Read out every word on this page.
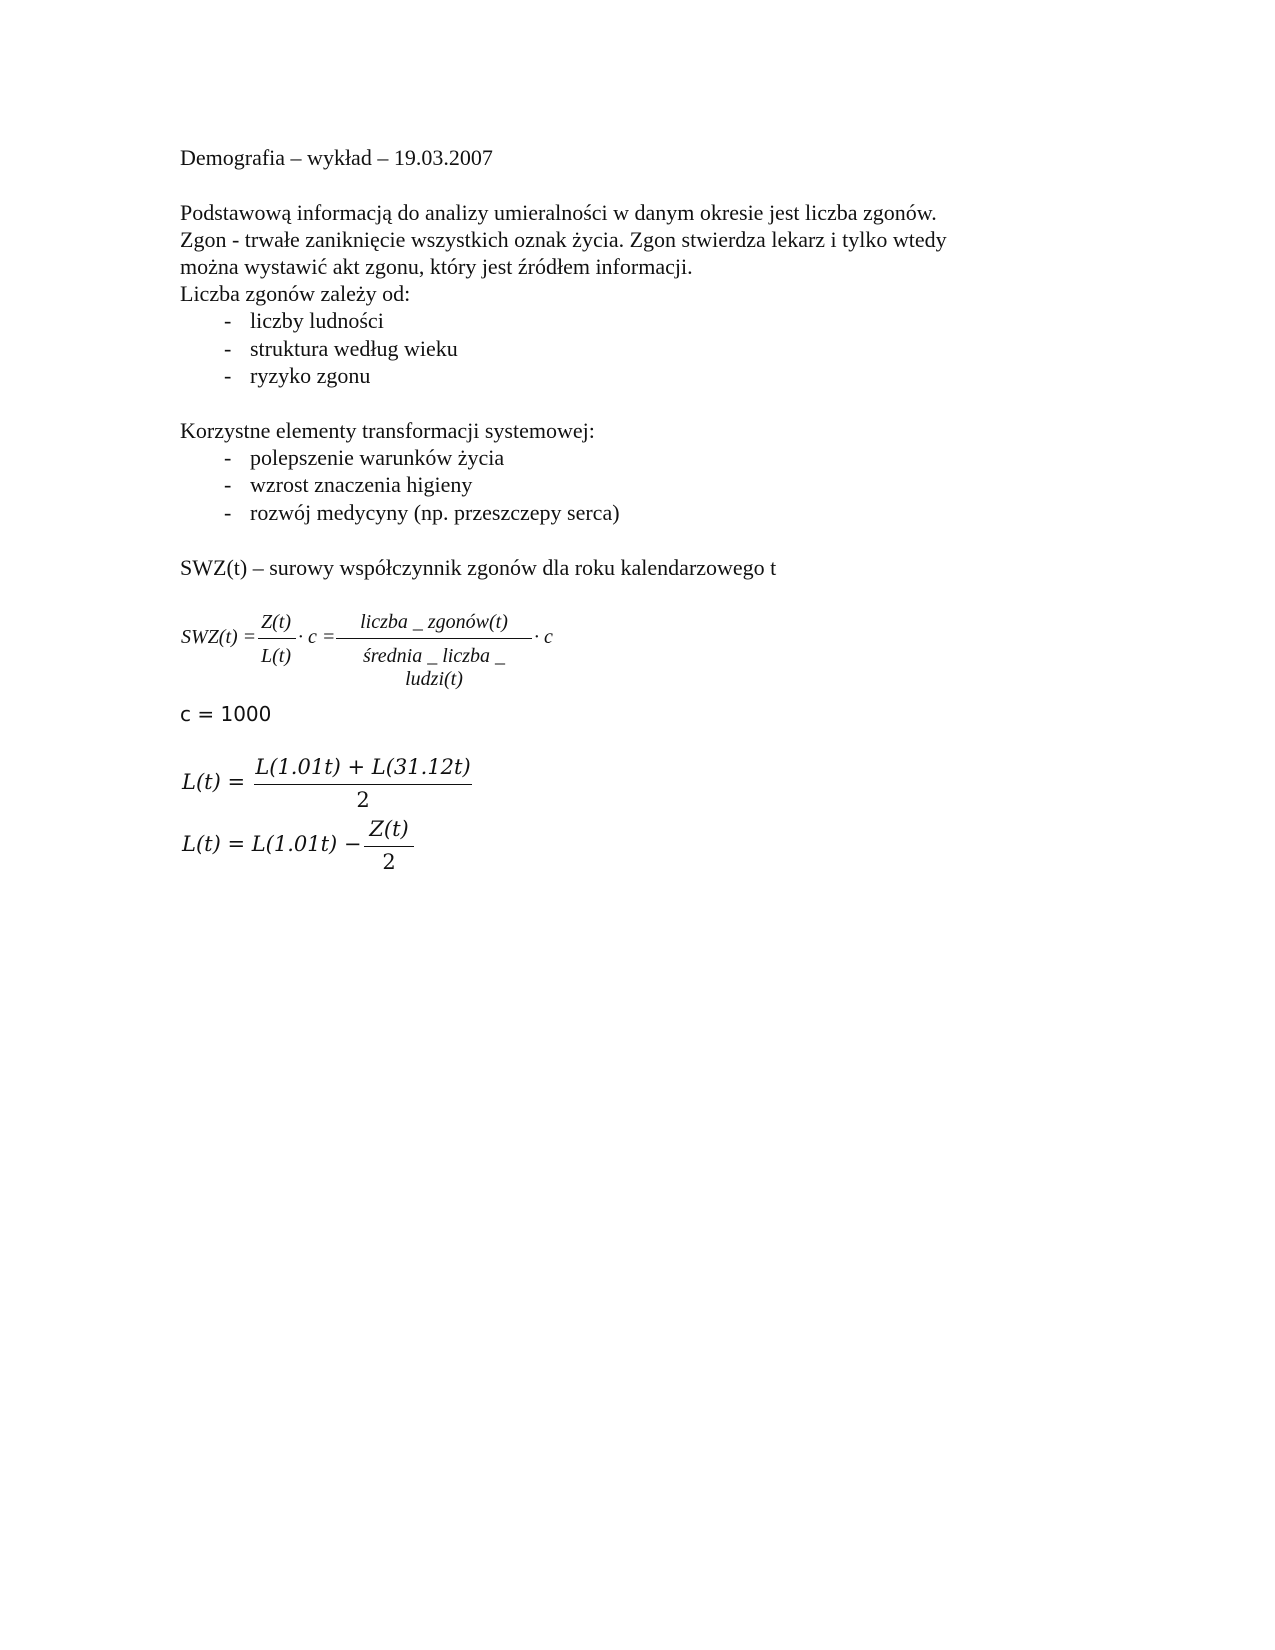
Demografia – wykład – 19.03.2007
Podstawową informacją do analizy umieralności w danym okresie jest liczba zgonów.
Zgon - trwałe zaniknięcie wszystkich oznak życia. Zgon stwierdza lekarz i tylko wtedy
można wystawić akt zgonu, który jest źródłem informacji.
Liczba zgonów zależy od:
- liczby ludności
- struktura według wieku
- ryzyko zgonu
Korzystne elementy transformacji systemowej:
- polepszenie warunków życia
- wzrost znaczenia higieny
- rozwój medycyny (np. przeszczepy serca)
SWZ(t) – surowy współczynnik zgonów dla roku kalendarzowego t
SWZ(t) =
Z(t)
L(t)
· c =
liczba _ zgonów(t)
średnia _ liczba _ ludzi(t)
· c
c = 1000
L(t) =
L(1.01t) + L(31.12t)
2
L(t) = L(1.01t) −
Z(t)
2
